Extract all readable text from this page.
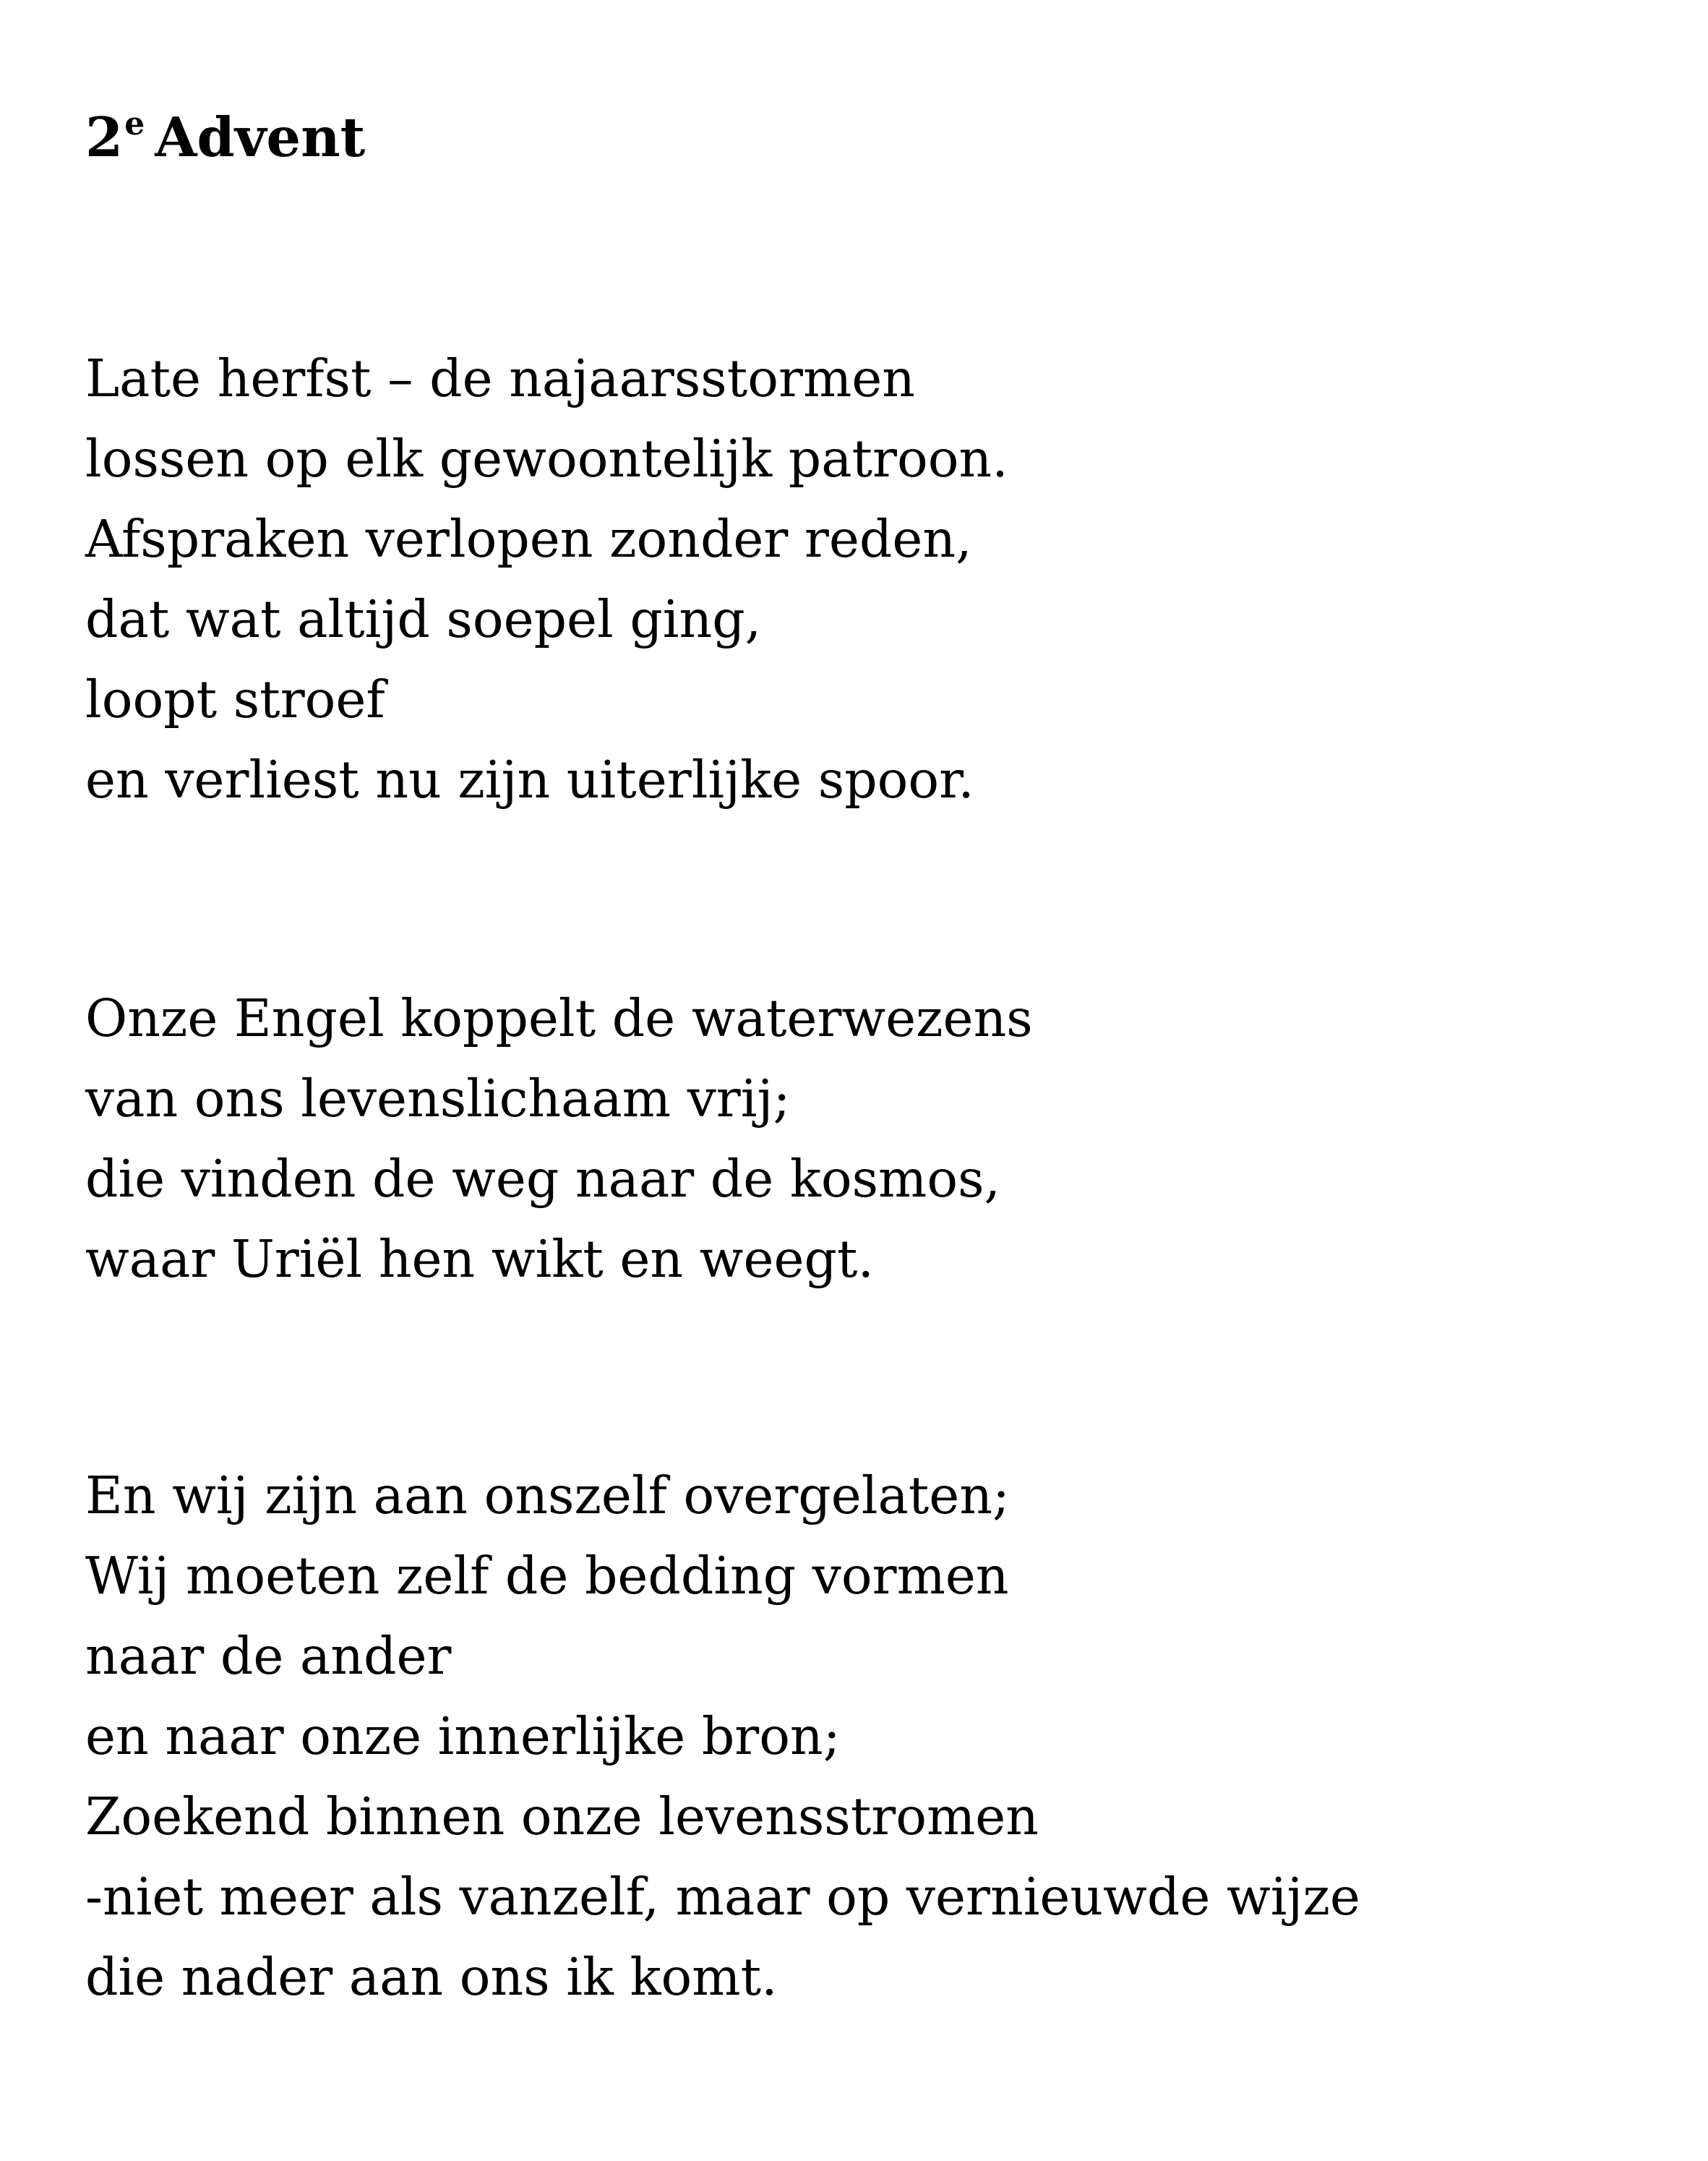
2e Advent
Late herfst – de najaarsstormen
lossen op elk gewoontelijk patroon.
Afspraken verlopen zonder reden,
dat wat altijd soepel ging,
loopt stroef
en verliest nu zijn uiterlijke spoor.
Onze Engel koppelt de waterwezens
van ons levenslichaam vrij;
die vinden de weg naar de kosmos,
waar Uriël hen wikt en weegt.
En wij zijn aan onszelf overgelaten;
Wij moeten zelf de bedding vormen
naar de ander
en naar onze innerlijke bron;
Zoekend binnen onze levensstromen
-niet meer als vanzelf, maar op vernieuwde wijze
die nader aan ons ik komt.
